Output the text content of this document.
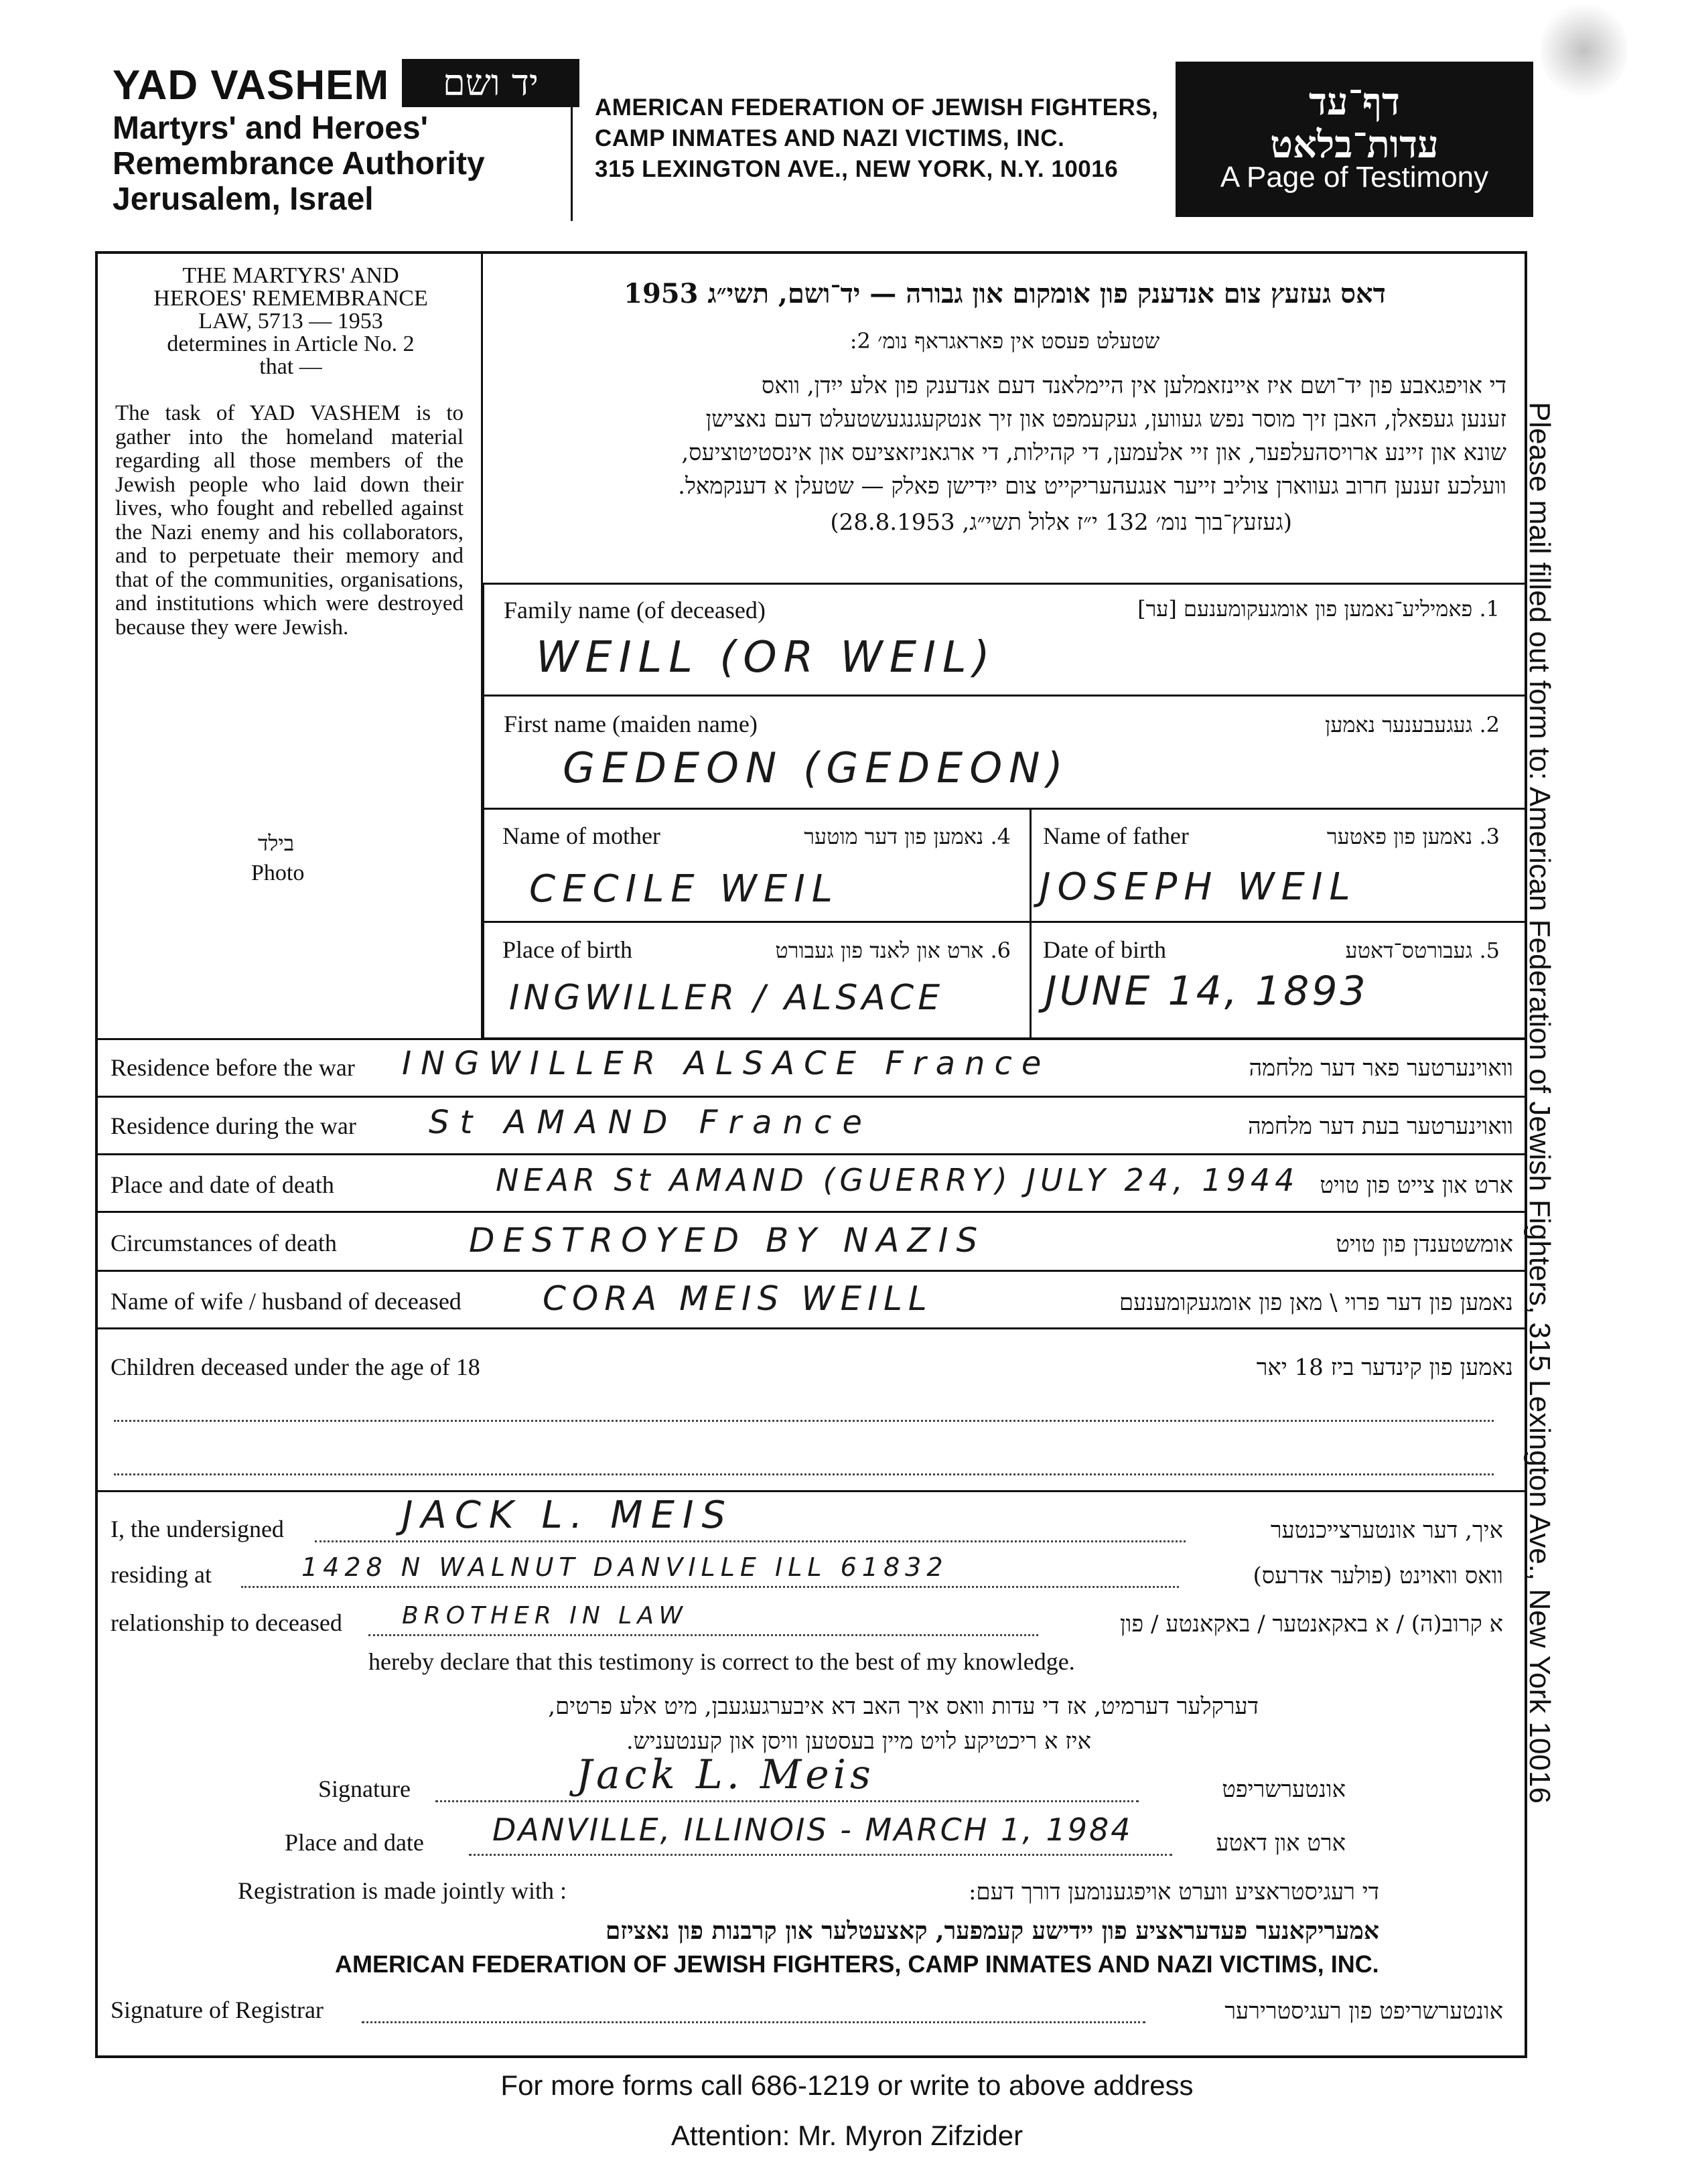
YAD VASHEM	יד ושם
Martyrs' and Heroes'
Remembrance Authority
Jerusalem, Israel
AMERICAN FEDERATION OF JEWISH FIGHTERS,
CAMP INMATES AND NAZI VICTIMS, INC.
315 LEXINGTON AVE., NEW YORK, N.Y. 10016
דף־עד
עדות־בלאט
A Page of Testimony
THE MARTYRS' AND
HEROES' REMEMBRANCE
LAW, 5713 — 1953
determines in Article No. 2
that —
The task of YAD VASHEM is to gather into the homeland material regarding all those members of the Jewish people who laid down their lives, who fought and rebelled against the Nazi enemy and his collaborators, and to perpetuate their memory and that of the communities, organisations, and institutions which were destroyed because they were Jewish.
בילד
Photo
דאס געזעץ צום אנדענק פון אומקום און גבורה — יד־ושם, תשי״ג 1953
שטעלט פעסט אין פאראגראף נומ׳ 2:
די אויפגאבע פון יד־ושם איז איינזאמלען אין היימלאנד דעם אנדענק פון אלע ייִדן, וואס
זענען געפאלן, האבן זיך מוסר נפש געווען, געקעמפט און זיך אנטקעגנגעשטעלט דעם נאצישן
שונא און זיינע ארויסהעלפער, און זיי אלעמען, די קהילות, די ארגאניזאציעס און אינסטיטוציעס,
וועלכע זענען חרוב געווארן צוליב זייער אנגעהעריקייט צום ייִדישן פאלק — שטעלן א דענקמאל.
(געזעץ־בוך נומ׳ 132 י״ז אלול תשי״ג, 28.8.1953)
Family name (of deceased)	1. פאמיליע־נאמען פון אומגעקומענעם [ער]
WEILL (OR WEIL)
First name (maiden name)	2. געגעבענער נאמען
GEDEON (GEDEON)
Name of mother	4. נאמען פון דער מוטער
CECILE WEIL
Name of father	3. נאמען פון פאטער
JOSEPH WEIL
Place of birth	6. ארט און לאנד פון געבורט
INGWILLER / ALSACE
Date of birth	5. געבורטס־דאטע
JUNE 14, 1893
Residence before the war	וואוינערטער פאר דער מלחמה
INGWILLER ALSACE France
Residence during the war	וואוינערטער בעת דער מלחמה
St AMAND France
Place and date of death	ארט און צייט פון טויט
NEAR St AMAND (GUERRY) JULY 24, 1944
Circumstances of death	אומשטענדן פון טויט
DESTROYED BY NAZIS
Name of wife / husband of deceased	נאמען פון דער פרוי \ מאן פון אומגעקומענעם
CORA MEIS WEILL
Children deceased under the age of 18	נאמען פון קינדער ביז 18 יאר
I, the undersigned	JACK L. MEIS	איך, דער אונטערצייכנטער
residing at	1428 N WALNUT DANVILLE ILL 61832	וואס וואוינט (פולער אדרעס)
relationship to deceased BROTHER IN LAW	א קרוב(ה) / א באקאנטער / באקאנטע / פון
hereby declare that this testimony is correct to the best of my knowledge.
דערקלער דערמיט, אז די עדות וואס איך האב דא איבערגעגעבן, מיט אלע פרטים,
איז א ריכטיקע לויט מיין בעסטען וויסן און קענטעניש.
Signature	Jack L. Meis	אונטערשריפט
Place and date DANVILLE, ILLINOIS - MARCH 1, 1984	ארט און דאטע
Registration is made jointly with :	די רעגיסטראציע ווערט אויפגענומען דורך דעם:
אמעריקאנער פעדעראציע פון יידישע קעמפער, קאצעטלער און קרבנות פון נאציזם
AMERICAN FEDERATION OF JEWISH FIGHTERS, CAMP INMATES AND NAZI VICTIMS, INC.
Signature of Registrar	אונטערשריפט פון רעגיסטרירער
Please mail filled out form to: American Federation of Jewish Fighters, 315 Lexington Ave., New York 10016
For more forms call 686-1219 or write to above address
Attention: Mr. Myron Zifzider
